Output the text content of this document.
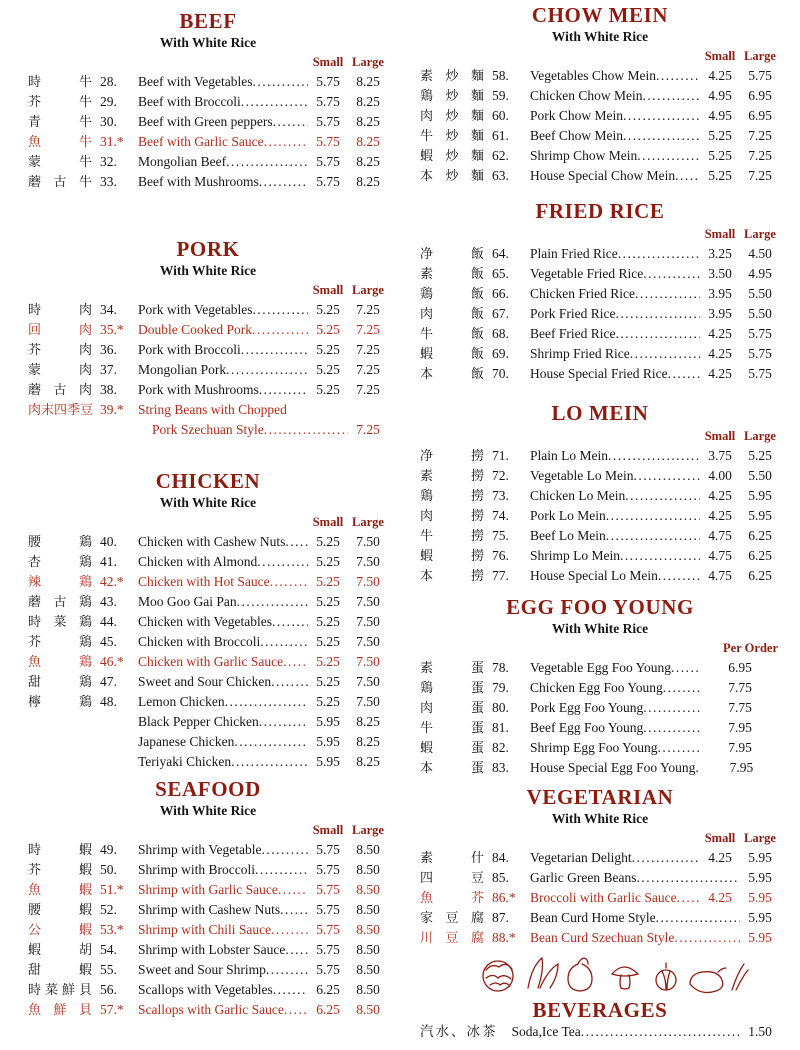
BEEF
With White Rice
Small Large
時	牛 28.	Beef with Vegetables .....	5.75	8.25
芥	牛 29.	Beef with Broccoli .....	5.75	8.25
青	牛 30.	Beef with Green peppers .....	5.75	8.25
魚	牛 31.*	Beef with Garlic Sauce .....	5.75	8.25
蒙	牛 32.	Mongolian Beef .....	5.75	8.25
蘑 古 牛 33.	Beef with Mushrooms .....	5.75	8.25
PORK
With White Rice
Small Large
時	肉 34.	Pork with Vegetables .....	5.25	7.25
回	肉 35.*	Double Cooked Pork .....	5.25	7.25
芥	肉 36.	Pork with Broccoli .....	5.25	7.25
蒙	肉 37.	Mongolian Pork .....	5.25	7.25
蘑 古 肉 38.	Pork with Mushrooms .....	5.25	7.25
肉 末 四 季 豆 39.*	String Beans with Chopped
Pork Szechuan Style .....	7.25
CHICKEN
With White Rice
Small Large
腰	鶏 40.	Chicken with Cashew Nuts .....	5.25	7.50
杏	鶏 41.	Chicken with Almond .....	5.25	7.50
辣	鶏 42.*	Chicken with Hot Sauce .....	5.25	7.50
蘑 古 鶏 43.	Moo Goo Gai Pan .....	5.25	7.50
時 菜 鶏 44.	Chicken with Vegetables .....	5.25	7.50
芥	鶏 45.	Chicken with Broccoli .....	5.25	7.50
魚	鶏 46.*	Chicken with Garlic Sauce .....	5.25	7.50
甜	鶏 47.	Sweet and Sour Chicken .....	5.25	7.50
檸	鶏 48.	Lemon Chicken .....	5.25	7.50
Black Pepper Chicken .....	5.95	8.25
Japanese Chicken .....	5.95	8.25
Teriyaki Chicken .....	5.95	8.25
SEAFOOD
With White Rice
Small Large
時	蝦 49.	Shrimp with Vegetable .....	5.75	8.50
芥	蝦 50.	Shrimp with Broccoli .....	5.75	8.50
魚	蝦 51.*	Shrimp with Garlic Sauce .....	5.75	8.50
腰	蝦 52.	Shrimp with Cashew Nuts .....	5.75	8.50
公	蝦 53.*	Shrimp with Chili Sauce .....	5.75	8.50
蝦	胡 54.	Shrimp with Lobster Sauce .....	5.75	8.50
甜	蝦 55.	Sweet and Sour Shrimp .....	5.75	8.50
時 菜 鮮 貝 56.	Scallops with Vegetables .....	6.25	8.50
魚 鮮 貝 57.*	Scallops with Garlic Sauce .....	6.25	8.50
CHOW MEIN
With White Rice
Small Large
素 炒 麵 58.	Vegetables Chow Mein .....	4.25	5.75
鶏 炒 麵 59.	Chicken Chow Mein .....	4.95	6.95
肉 炒 麵 60.	Pork Chow Mein .....	4.95	6.95
牛 炒 麵 61.	Beef Chow Mein .....	5.25	7.25
蝦 炒 麵 62.	Shrimp Chow Mein .....	5.25	7.25
本 炒 麵 63.	House Special Chow Mein .....	5.25	7.25
FRIED RICE
Small Large
净	飯 64.	Plain Fried Rice .....	3.25	4.50
素	飯 65.	Vegetable Fried Rice .....	3.50	4.95
鶏	飯 66.	Chicken Fried Rice .....	3.95	5.50
肉	飯 67.	Pork Fried Rice .....	3.95	5.50
牛	飯 68.	Beef Fried Rice .....	4.25	5.75
蝦	飯 69.	Shrimp Fried Rice .....	4.25	5.75
本	飯 70.	House Special Fried Rice .....	4.25	5.75
LO MEIN
Small Large
净	撈 71.	Plain Lo Mein .....	3.75	5.25
素	撈 72.	Vegetable Lo Mein .....	4.00	5.50
鶏	撈 73.	Chicken Lo Mein .....	4.25	5.95
肉	撈 74.	Pork Lo Mein .....	4.25	5.95
牛	撈 75.	Beef Lo Mein .....	4.75	6.25
蝦	撈 76.	Shrimp Lo Mein .....	4.75	6.25
本	撈 77.	House Special Lo Mein .....	4.75	6.25
EGG FOO YOUNG
With White Rice
Per Order
素	蛋 78.	Vegetable Egg Foo Young .....	6.95
鶏	蛋 79.	Chicken Egg Foo Young .....	7.75
肉	蛋 80.	Pork Egg Foo Young .....	7.75
牛	蛋 81.	Beef Egg Foo Young .....	7.95
蝦	蛋 82.	Shrimp Egg Foo Young .....	7.95
本	蛋 83.	House Special Egg Foo Young .....	7.95
VEGETARIAN
With White Rice
Small Large
素	什 84.	Vegetarian Delight .....	4.25	5.95
四	豆 85.	Garlic Green Beans .....	5.95
魚	芥 86.*	Broccoli with Garlic Sauce .....	4.25	5.95
家 豆 腐 87.	Bean Curd Home Style .....	5.95
川 豆 腐 88.*	Bean Curd Szechuan Style .....	5.95
BEVERAGES
汽水、冰茶 Soda,Ice Tea .....	1.50
